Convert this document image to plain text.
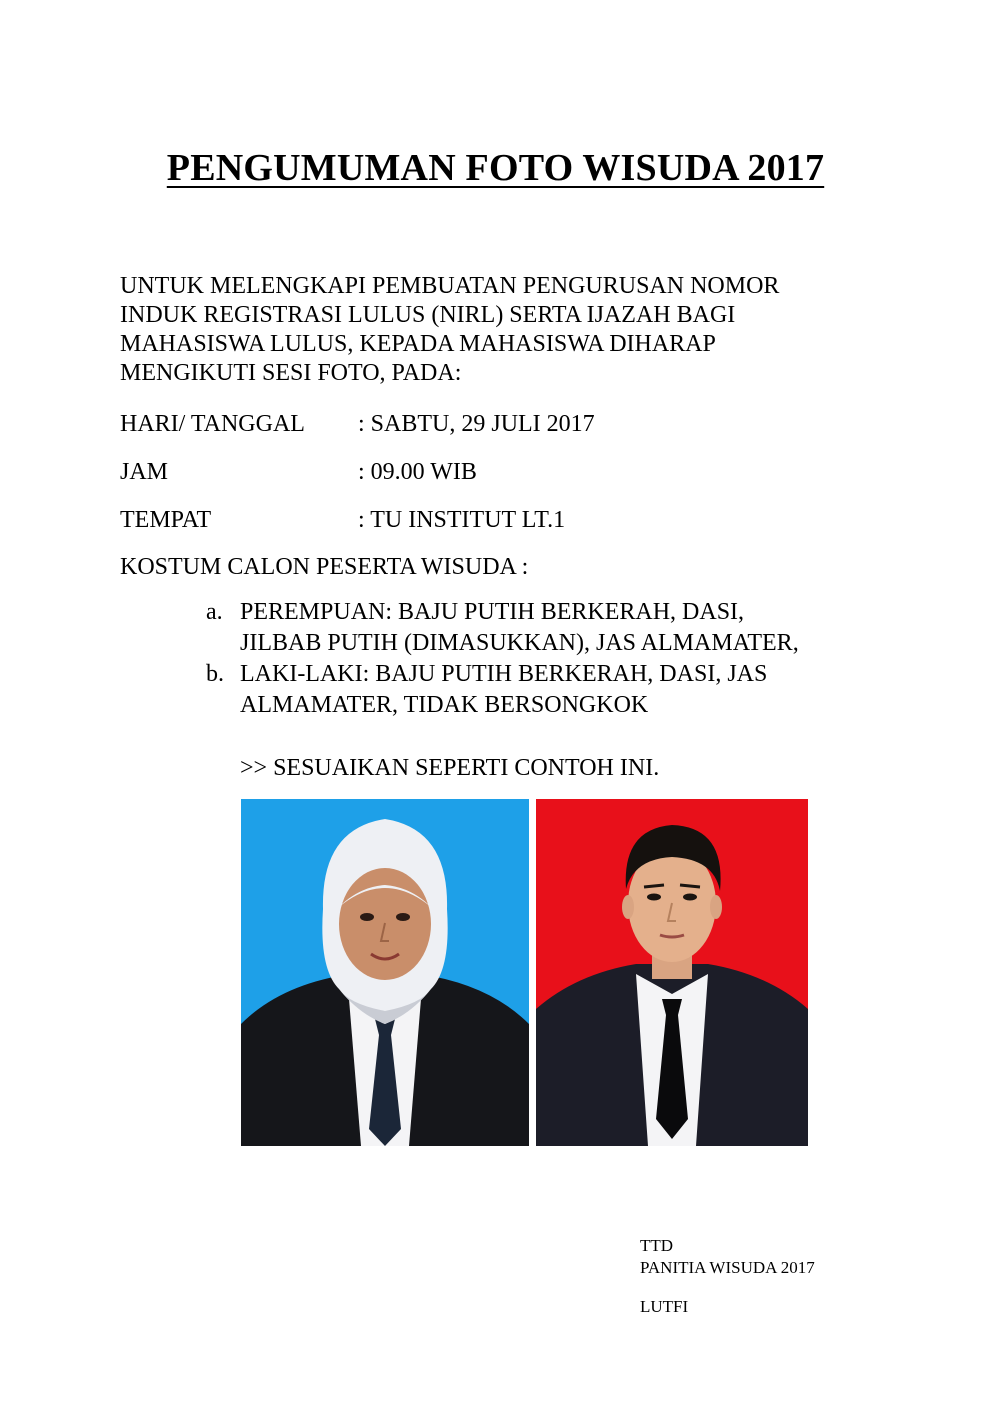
PENGUMUMAN FOTO WISUDA 2017
UNTUK MELENGKAPI PEMBUATAN PENGURUSAN NOMOR
INDUK REGISTRASI LULUS (NIRL) SERTA IJAZAH BAGI
MAHASISWA LULUS, KEPADA MAHASISWA DIHARAP
MENGIKUTI SESI FOTO, PADA:
HARI/ TANGGAL : SABTU, 29 JULI 2017
JAM	: 09.00 WIB
TEMPAT	: TU INSTITUT LT.1
KOSTUM CALON PESERTA WISUDA :
a. PEREMPUAN: BAJU PUTIH BERKERAH, DASI,
JILBAB PUTIH (DIMASUKKAN), JAS ALMAMATER,
b. LAKI-LAKI: BAJU PUTIH BERKERAH, DASI, JAS
ALMAMATER, TIDAK BERSONGKOK
>> SESUAIKAN SEPERTI CONTOH INI.
TTD
PANITIA WISUDA 2017
LUTFI
